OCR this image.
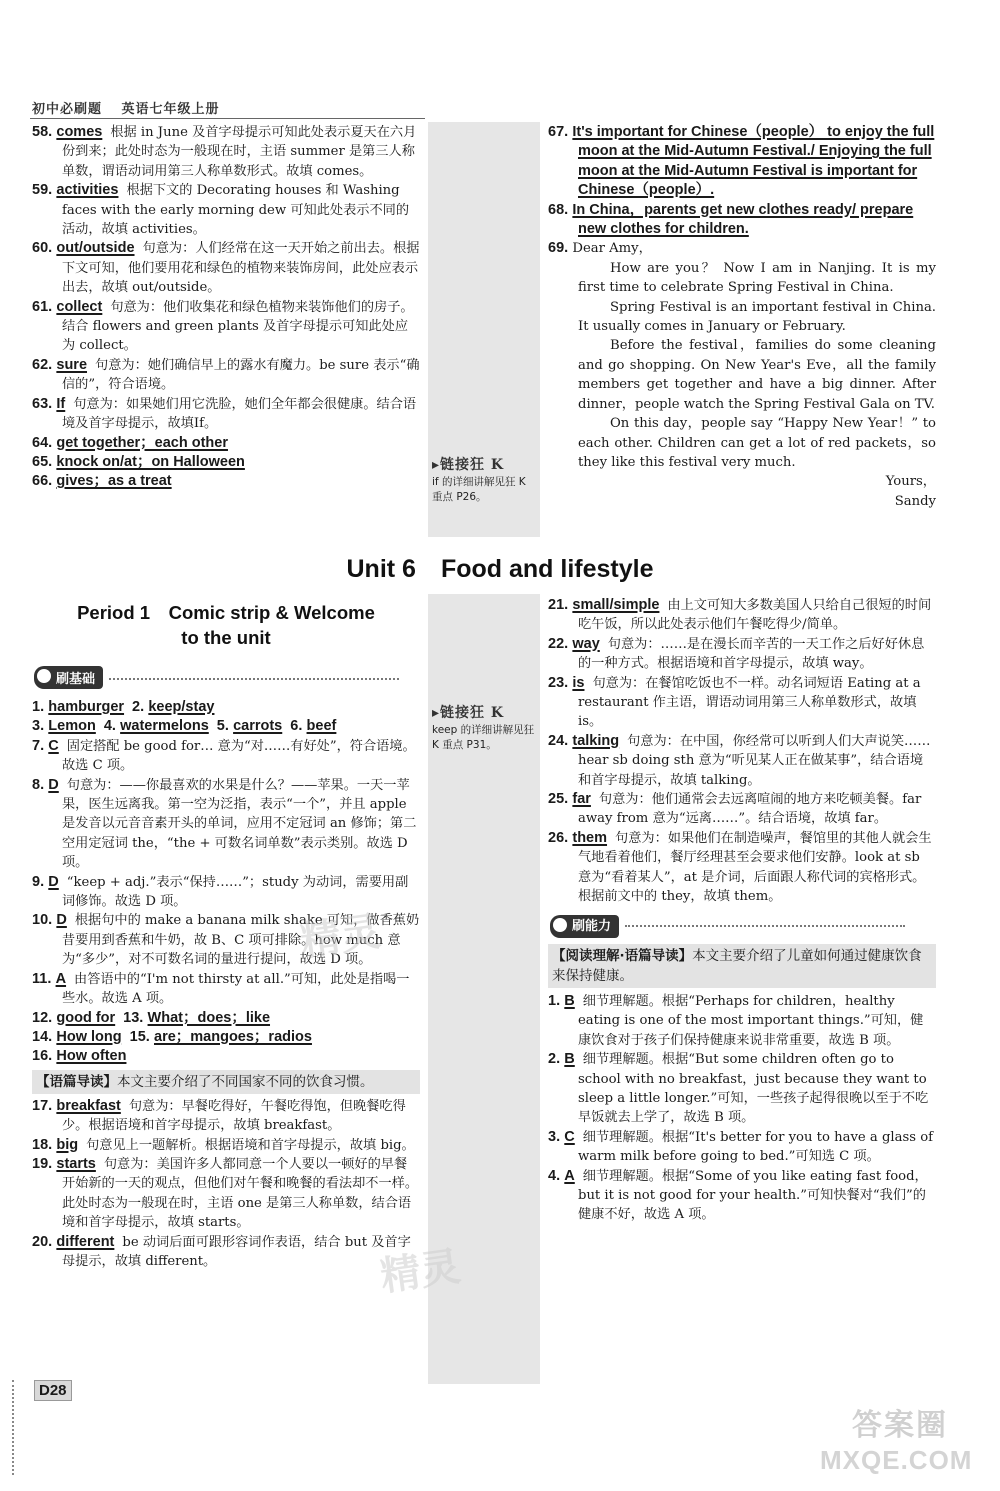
初中必刷题 英语七年级上册

58. comes 根据 in June 及首字母提示可知此处表示夏天在六月份到来；此处时态为一般现在时，主语 summer 是第三人称单数，谓语动词用第三人称单数形式。故填 comes。

59. activities 根据下文的 Decorating houses 和 Washing faces with the early morning dew 可知此处表示不同的活动，故填 activities。

60. out/outside 句意为：人们经常在这一天开始之前出去。根据下文可知，他们要用花和绿色的植物来装饰房间，此处应表示出去，故填 out/outside。

61. collect 句意为：他们收集花和绿色植物来装饰他们的房子。结合 flowers and green plants 及首字母提示可知此处应为 collect。

62. sure 句意为：她们确信早上的露水有魔力。be sure 表示“确信的”，符合语境。

63. If 句意为：如果她们用它洗脸，她们全年都会很健康。结合语境及首字母提示，故填If。

64. get together；each other

65. knock on/at；on Halloween

66. gives；as a treat

▸链接狂 K
if 的详细讲解见狂 K 重点 P26。

67. It's important for Chinese（people） to enjoy the full moon at the Mid-Autumn Festival./ Enjoying the full moon at the Mid-Autumn Festival is important for Chinese（people）.

68. In China，parents get new clothes ready/ prepare new clothes for children.

69. Dear Amy，
How are you？ Now I am in Nanjing. It is my first time to celebrate Spring Festival in China.
Spring Festival is an important festival in China. It usually comes in January or February.
Before the festival，families do some cleaning and go shopping. On New Year's Eve，all the family members get together and have a big dinner. After dinner，people watch the Spring Festival Gala on TV.
On this day，people say “Happy New Year！” to each other. Children can get a lot of red packets，so they like this festival very much.
Yours，
Sandy
Unit 6　Food and lifestyle
Period 1　Comic strip & Welcome
to the unit
刷基础
▸链接狂 K
keep 的详细讲解见狂 K 重点 P31。

1. hamburger 2. keep/stay

3. Lemon 4. watermelons 5. carrots 6. beef

7. C 固定搭配 be good for… 意为“对……有好处”，符合语境。故选 C 项。

8. D 句意为：——你最喜欢的水果是什么？——苹果。一天一苹果，医生远离我。第一空为泛指，表示“一个”，并且 apple 是发音以元音音素开头的单词，应用不定冠词 an 修饰；第二空用定冠词 the，“the + 可数名词单数”表示类别。故选 D 项。

9. D “keep + adj.”表示“保持……”；study 为动词，需要用副词修饰。故选 D 项。

10. D 根据句中的 make a banana milk shake 可知，做香蕉奶昔要用到香蕉和牛奶，故 B、C 项可排除。how much 意为“多少”，对不可数名词的量进行提问，故选 D 项。

11. A 由答语中的“I'm not thirsty at all.”可知，此处是指喝一些水。故选 A 项。

12. good for 13. What；does；like

14. How long 15. are；mangoes；radios

16. How often

【语篇导读】本文主要介绍了不同国家不同的饮食习惯。

17. breakfast 句意为：早餐吃得好，午餐吃得饱，但晚餐吃得少。根据语境和首字母提示，故填 breakfast。

18. big 句意见上一题解析。根据语境和首字母提示，故填 big。

19. starts 句意为：美国许多人都同意一个人要以一顿好的早餐开始新的一天的观点，但他们对午餐和晚餐的看法却不一样。此处时态为一般现在时，主语 one 是第三人称单数，结合语境和首字母提示，故填 starts。

20. different be 动词后面可跟形容词作表语，结合 but 及首字母提示，故填 different。

21. small/simple 由上文可知大多数美国人只给自己很短的时间吃午饭，所以此处表示他们午餐吃得少/简单。

22. way 句意为：……是在漫长而辛苦的一天工作之后好好休息的一种方式。根据语境和首字母提示，故填 way。

23. is 句意为：在餐馆吃饭也不一样。动名词短语 Eating at a restaurant 作主语，谓语动词用第三人称单数形式，故填 is。

24. talking 句意为：在中国，你经常可以听到人们大声说笑…… hear sb doing sth 意为“听见某人正在做某事”，结合语境和首字母提示，故填 talking。

25. far 句意为：他们通常会去远离喧闹的地方来吃顿美餐。far away from 意为“远离……”。结合语境，故填 far。

26. them 句意为：如果他们在制造噪声，餐馆里的其他人就会生气地看着他们，餐厅经理甚至会要求他们安静。look at sb 意为“看着某人”，at 是介词，后面跟人称代词的宾格形式。根据前文中的 they，故填 them。

刷能力
【阅读理解·语篇导读】本文主要介绍了儿童如何通过健康饮食来保持健康。

1. B 细节理解题。根据“Perhaps for children，healthy eating is one of the most important things.”可知，健康饮食对于孩子们保持健康来说非常重要，故选 B 项。

2. B 细节理解题。根据“But some children often go to school with no breakfast，just because they want to sleep a little longer.”可知，一些孩子起得很晚以至于不吃早饭就去上学了，故选 B 项。

3. C 细节理解题。根据“It's better for you to have a glass of warm milk before going to bed.”可知选 C 项。

4. A 细节理解题。根据“Some of you like eating fast food，but it is not good for your health.”可知快餐对“我们”的健康不好，故选 A 项。

D28
精灵
精灵
答案圈
MXQE.COM
